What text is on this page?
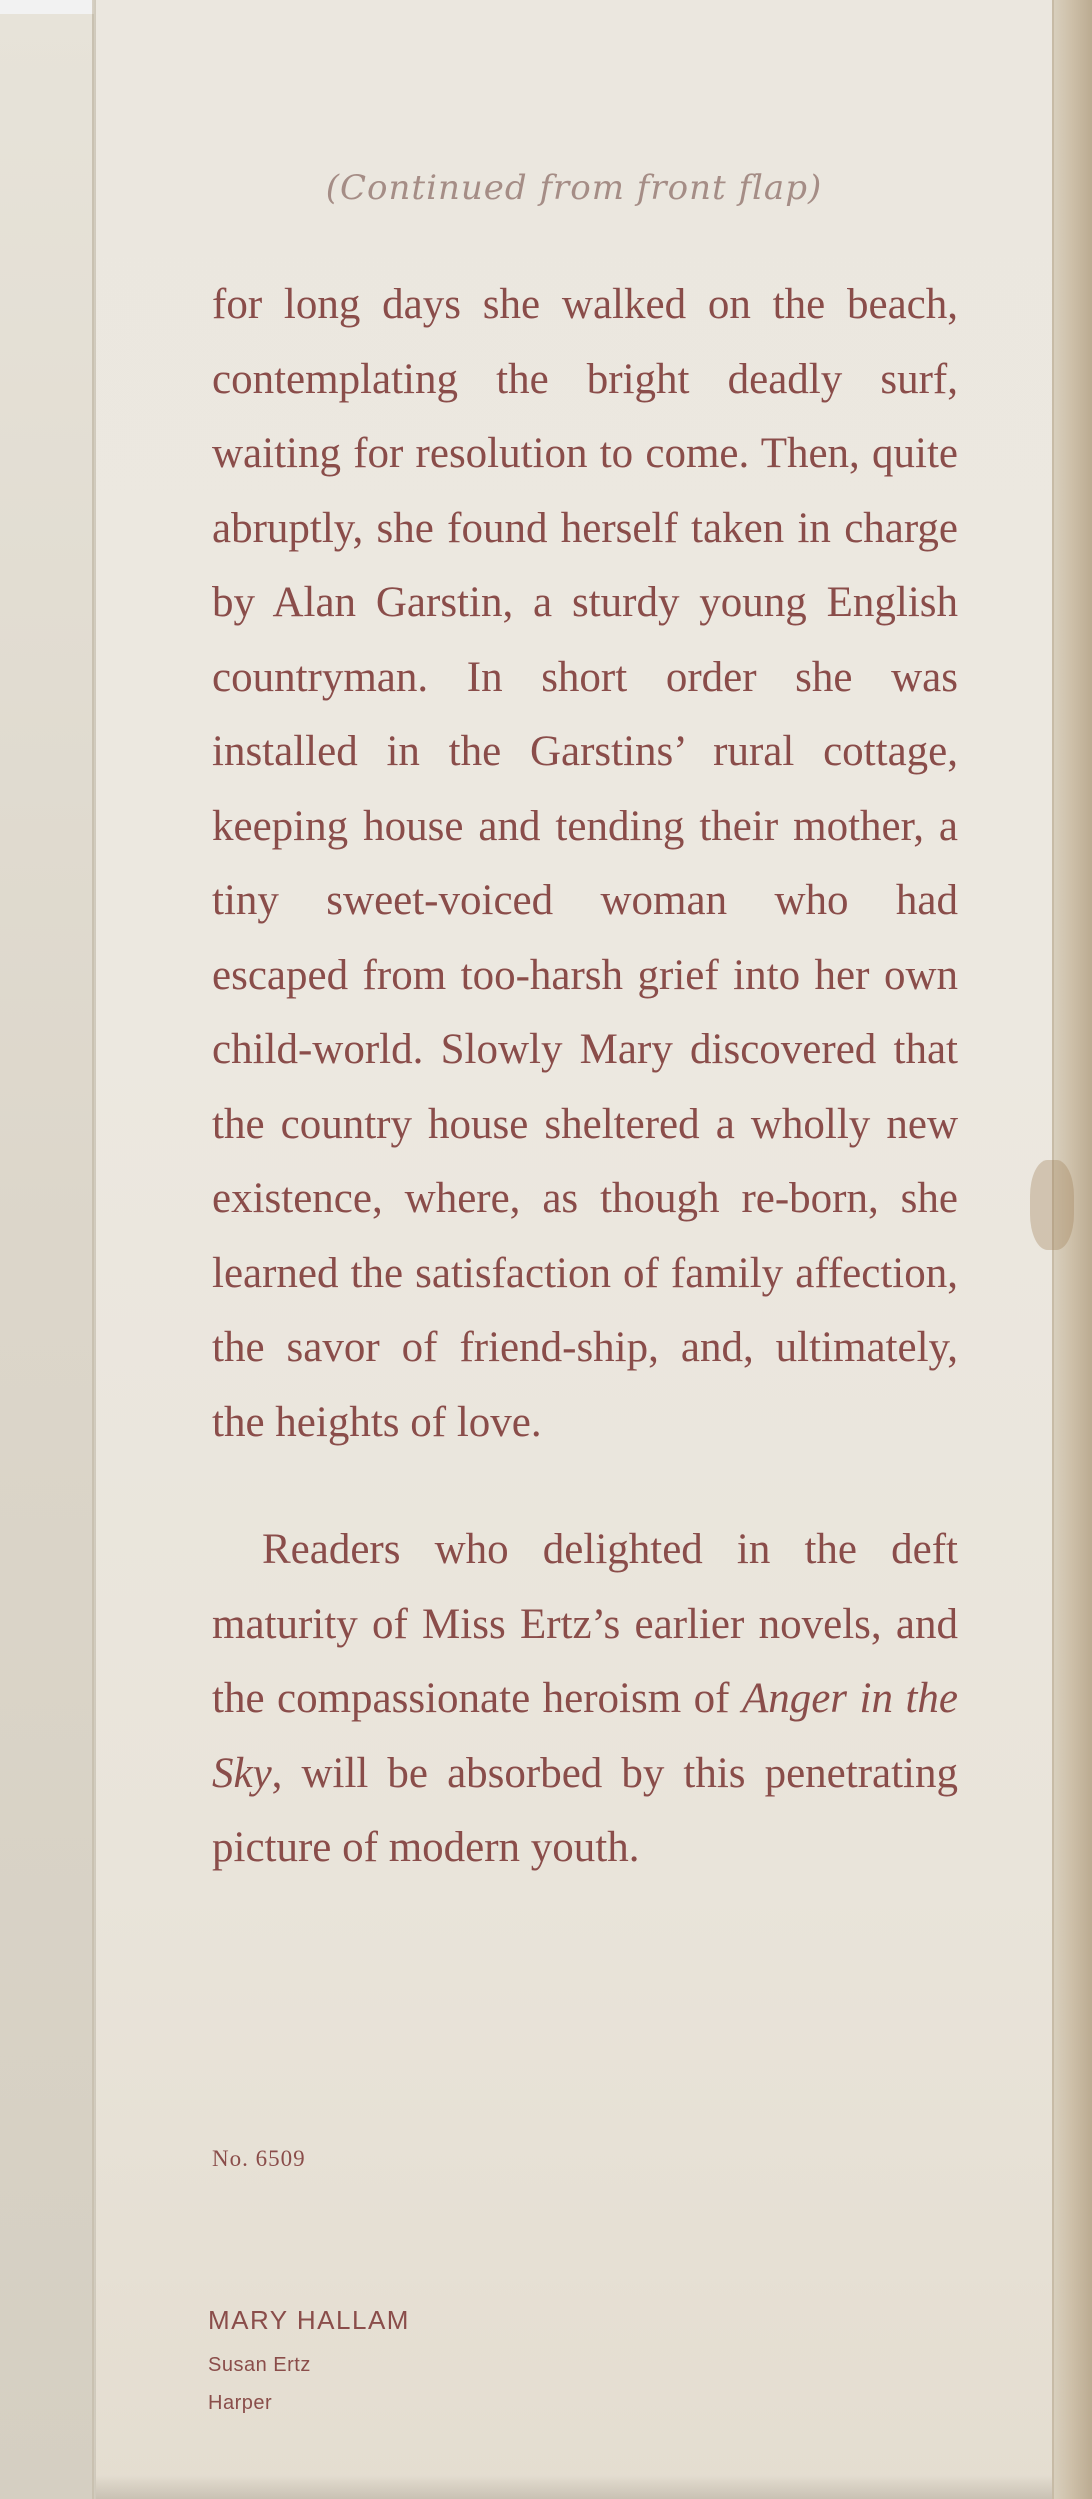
(Continued from front flap)

for long days she walked on the beach, contemplating the bright deadly surf, waiting for resolution to come. Then, quite abruptly, she found herself taken in charge by Alan Garstin, a sturdy young English countryman. In short order she was installed in the Garstins’ rural cottage, keeping house and tending their mother, a tiny sweet-voiced woman who had escaped from too-harsh grief into her own child-world. Slowly Mary discovered that the country house sheltered a wholly new existence, where, as though re-born, she learned the satisfaction of family affection, the savor of friend-ship, and, ultimately, the heights of love.

Readers who delighted in the deft maturity of Miss Ertz’s earlier novels, and the compassionate heroism of Anger in the Sky, will be absorbed by this penetrating picture of modern youth.

No. 6509
MARY HALLAM
Susan Ertz
Harper
